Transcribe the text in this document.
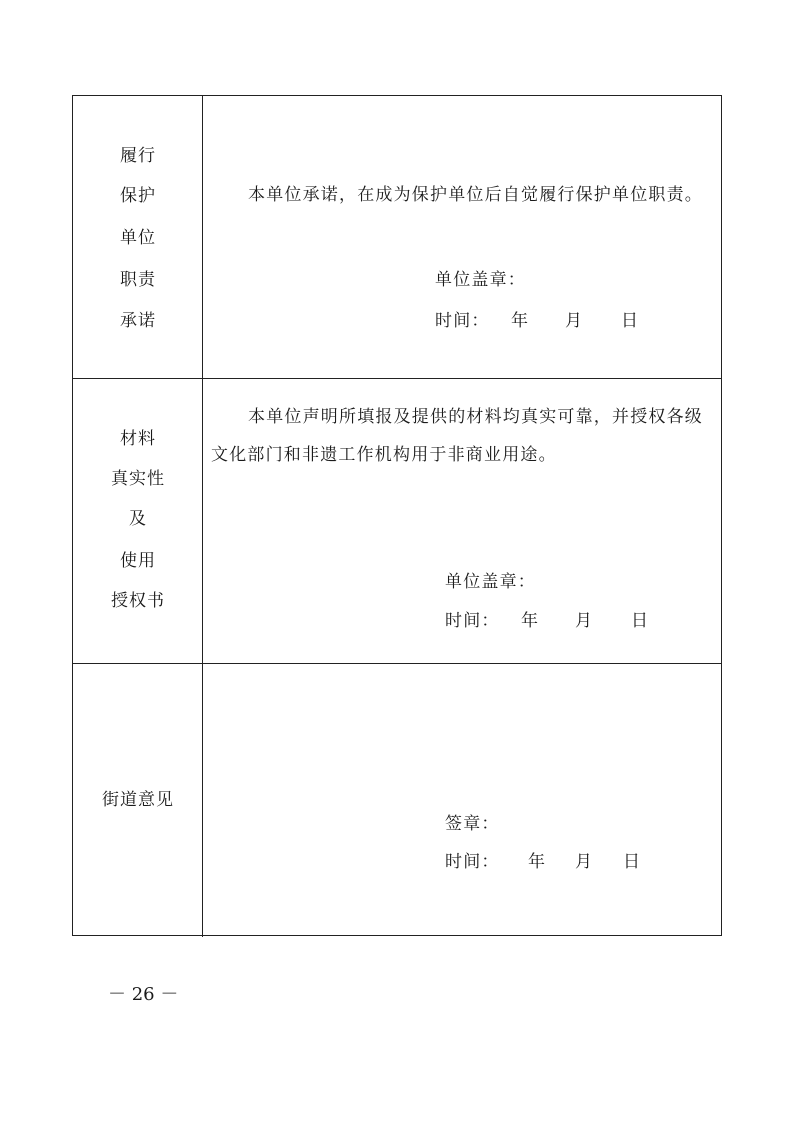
履行
保护
单位
职责
承诺
本单位承诺，在成为保护单位后自觉履行保护单位职责。
单位盖章：
时间： 年 月 日
材料
真实性
及
使用
授权书
本单位声明所填报及提供的材料均真实可靠，并授权各级
文化部门和非遗工作机构用于非商业用途。
单位盖章：
时间： 年 月 日
街道意见
签章：
时间： 年 月 日
－ 26 －
